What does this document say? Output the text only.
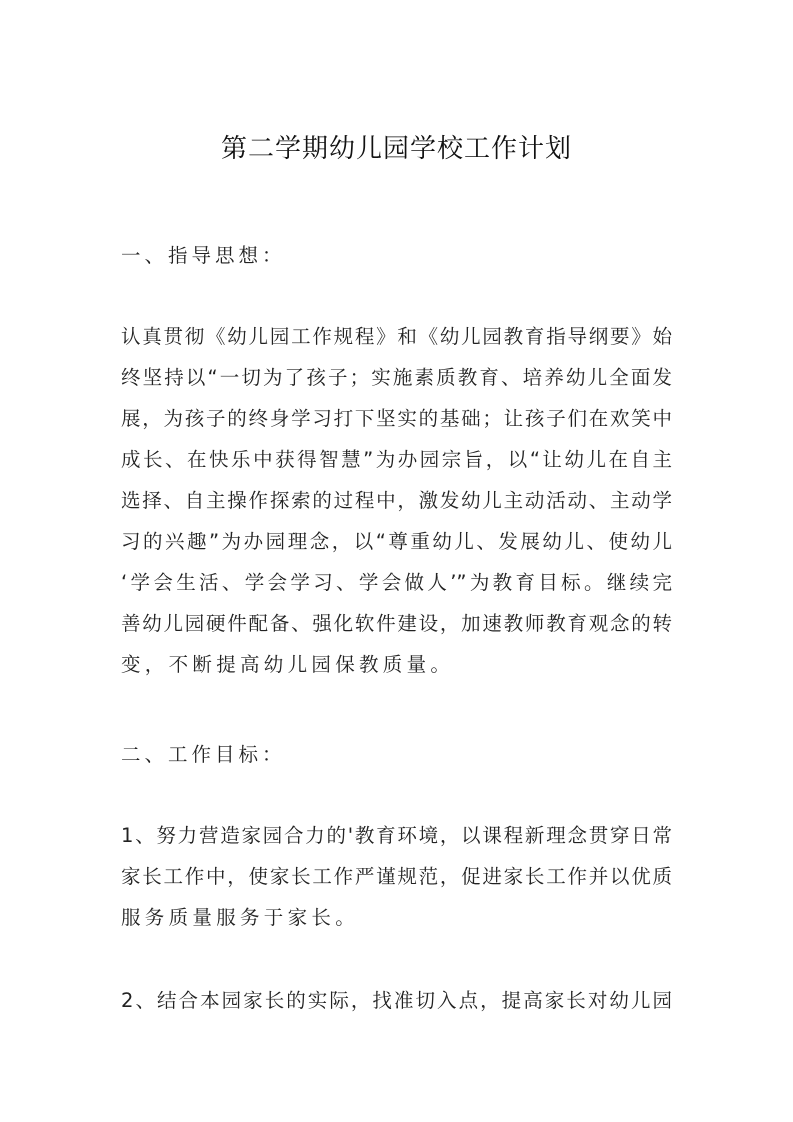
第二学期幼儿园学校工作计划
一、指导思想：
认真贯彻《幼儿园工作规程》和《幼儿园教育指导纲要》始
终坚持以“一切为了孩子；实施素质教育、培养幼儿全面发
展，为孩子的终身学习打下坚实的基础；让孩子们在欢笑中
成长、在快乐中获得智慧”为办园宗旨，以“让幼儿在自主
选择、自主操作探索的过程中，激发幼儿主动活动、主动学
习的兴趣”为办园理念，以“尊重幼儿、发展幼儿、使幼儿
‘学会生活、学会学习、学会做人’”为教育目标。继续完
善幼儿园硬件配备、强化软件建设，加速教师教育观念的转
变，不断提高幼儿园保教质量。
二、工作目标：
1、努力营造家园合力的'教育环境，以课程新理念贯穿日常
家长工作中，使家长工作严谨规范，促进家长工作并以优质
服务质量服务于家长。
2、结合本园家长的实际，找准切入点，提高家长对幼儿园
